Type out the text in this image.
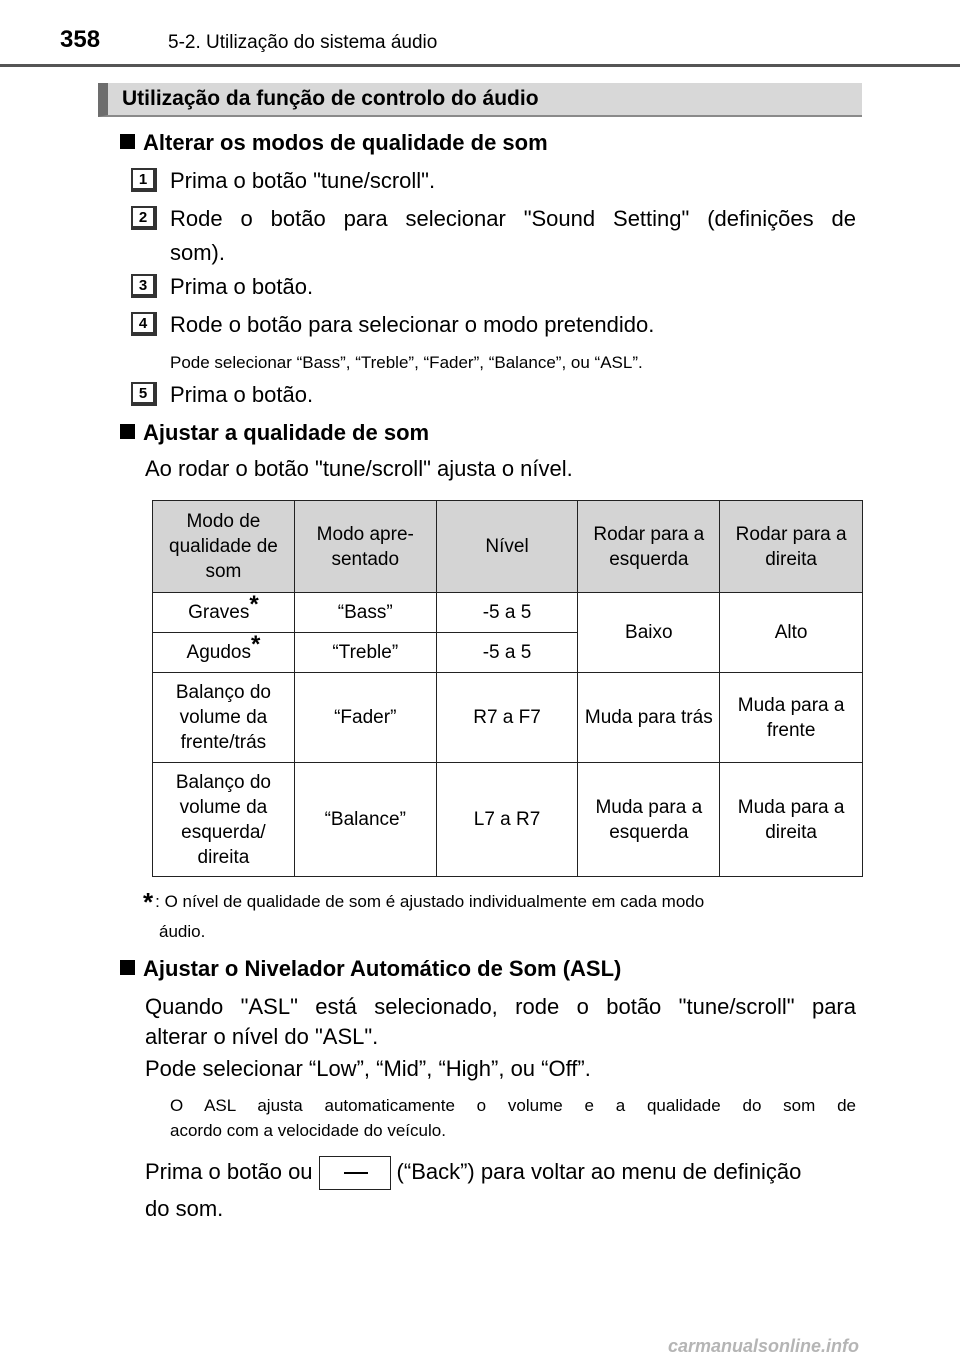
358	5-2. Utilização do sistema áudio
Utilização da função de controlo do áudio
Alterar os modos de qualidade de som
1	Prima o botão "tune/scroll".
2	Rode o botão para selecionar "Sound Setting" (definições de
som).
3	Prima o botão.
4	Rode o botão para selecionar o modo pretendido.
Pode selecionar “Bass”, “Treble”, “Fader”, “Balance”, ou “ASL”.
5	Prima o botão.
Ajustar a qualidade de som
Ao rodar o botão "tune/scroll" ajusta o nível.
Modo de qualidade de som	Modo apre- sentado	Nível	Rodar para a esquerda	Rodar para a direita
Graves*	“Bass”	-5 a 5	Baixo	Alto
Agudos*	“Treble”	-5 a 5		
Balanço do volume da frente/trás	“Fader”	R7 a F7	Muda para trás	Muda para a frente
Balanço do volume da esquerda/ direita	“Balance”	L7 a R7	Muda para a esquerda	Muda para a direita
* : O nível de qualidade de som é ajustado individualmente em cada modo
áudio.
Ajustar o Nivelador Automático de Som (ASL)
Quando "ASL" está selecionado, rode o botão "tune/scroll" para
alterar o nível do "ASL".
Pode selecionar “Low”, “Mid”, “High”, ou “Off”.
O ASL ajusta automaticamente o volume e a qualidade do som de
acordo com a velocidade do veículo.
Prima o botão ou	(“Back”) para voltar ao menu de definição
do som.
carmanualsonline.info
